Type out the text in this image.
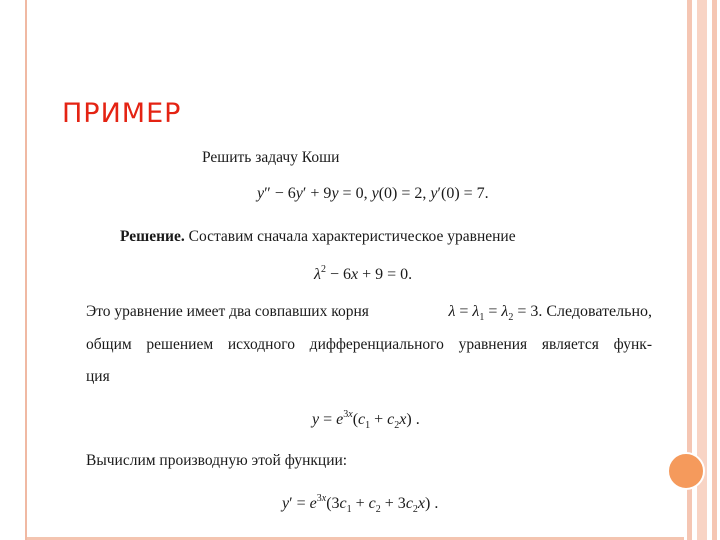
ПРИМЕР
Решить задачу Коши
y″ − 6y′ + 9y = 0, y(0) = 2, y′(0) = 7.
Решение. Составим сначала характеристическое уравнение
$\lambda^2 - 6x + 9 = 0$.
Это уравнение имеет два совпавших корня	$\lambda = \lambda_1 = \lambda_2 = 3$. Следовательно,
общим решением исходного дифференциального уравнения является функ-
ция
$y = e^{3x}(c_1 + c_2x)$ .
Вычислим производную этой функции:
$y' = e^{3x}(3c_1 + c_2 + 3c_2x)$ .
